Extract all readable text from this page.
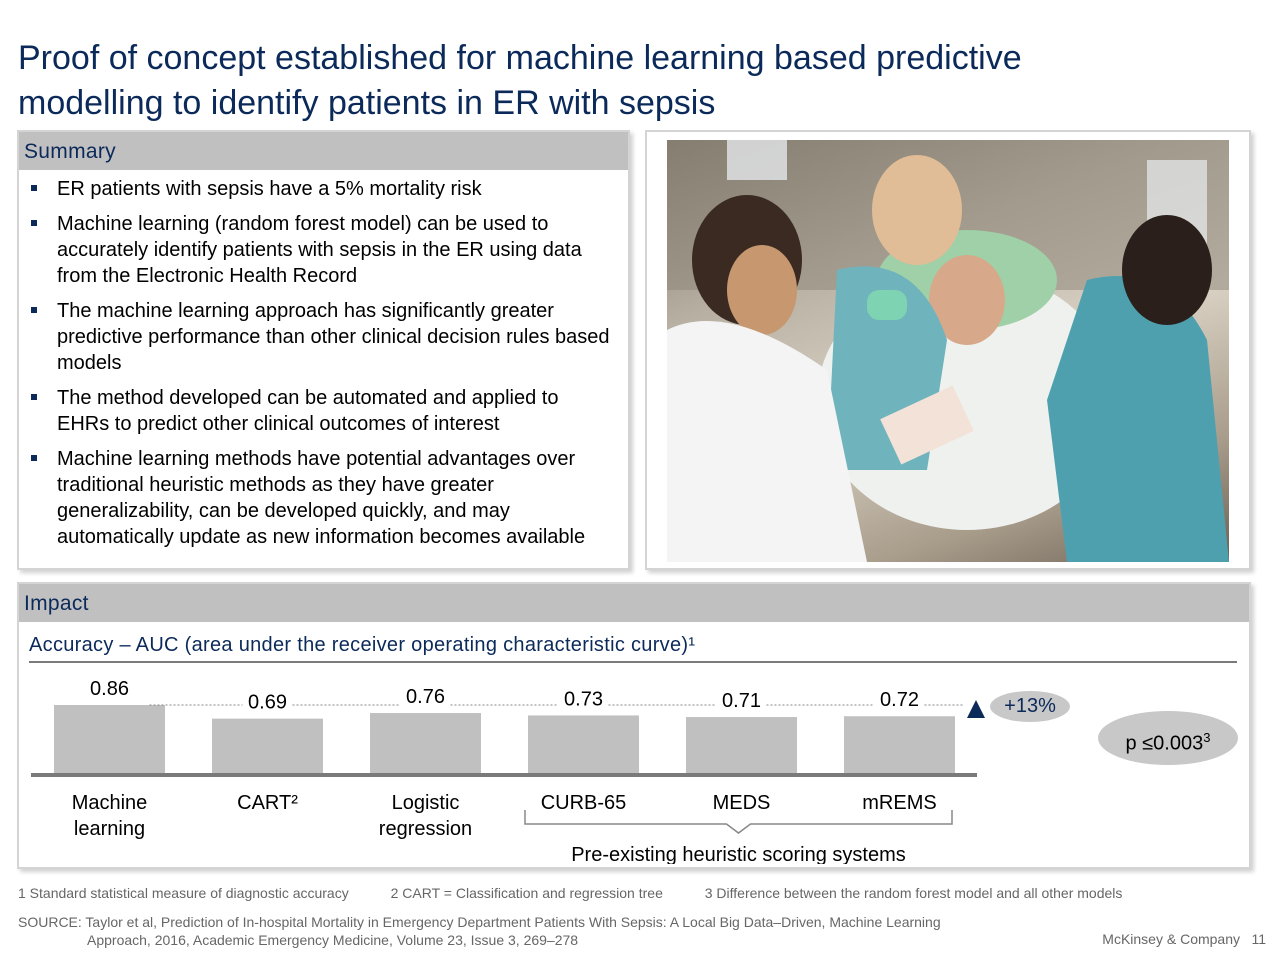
Proof of concept established for machine learning based predictive
modelling to identify patients in ER with sepsis
Summary
ER patients with sepsis have a 5% mortality risk
Machine learning (random forest model) can be used to accurately identify patients with sepsis in the ER using data from the Electronic Health Record
The machine learning approach has significantly greater predictive performance than other clinical decision rules based models
The method developed can be automated and applied to EHRs to predict other clinical outcomes of interest
Machine learning methods have potential advantages over traditional heuristic methods as they have greater generalizability, can be developed quickly, and may automatically update as new information becomes available
Impact
Accuracy – AUC (area under the receiver operating characteristic curve)¹
0.86
Machine
learning
0.69
CART²
0.76
Logistic
regression
0.73
CURB-65
0.71
MEDS
0.72
mREMS
Pre-existing heuristic scoring systems
+13%
$p \le 0.003^3$
1 Standard statistical measure of diagnostic accuracy	2 CART = Classification and regression tree	3 Difference between the random forest model and all other models
SOURCE: Taylor et al, Prediction of In-hospital Mortality in Emergency Department Patients With Sepsis: A Local Big Data–Driven, Machine Learning
Approach, 2016, Academic Emergency Medicine, Volume 23, Issue 3, 269–278	McKinsey & Company 11
